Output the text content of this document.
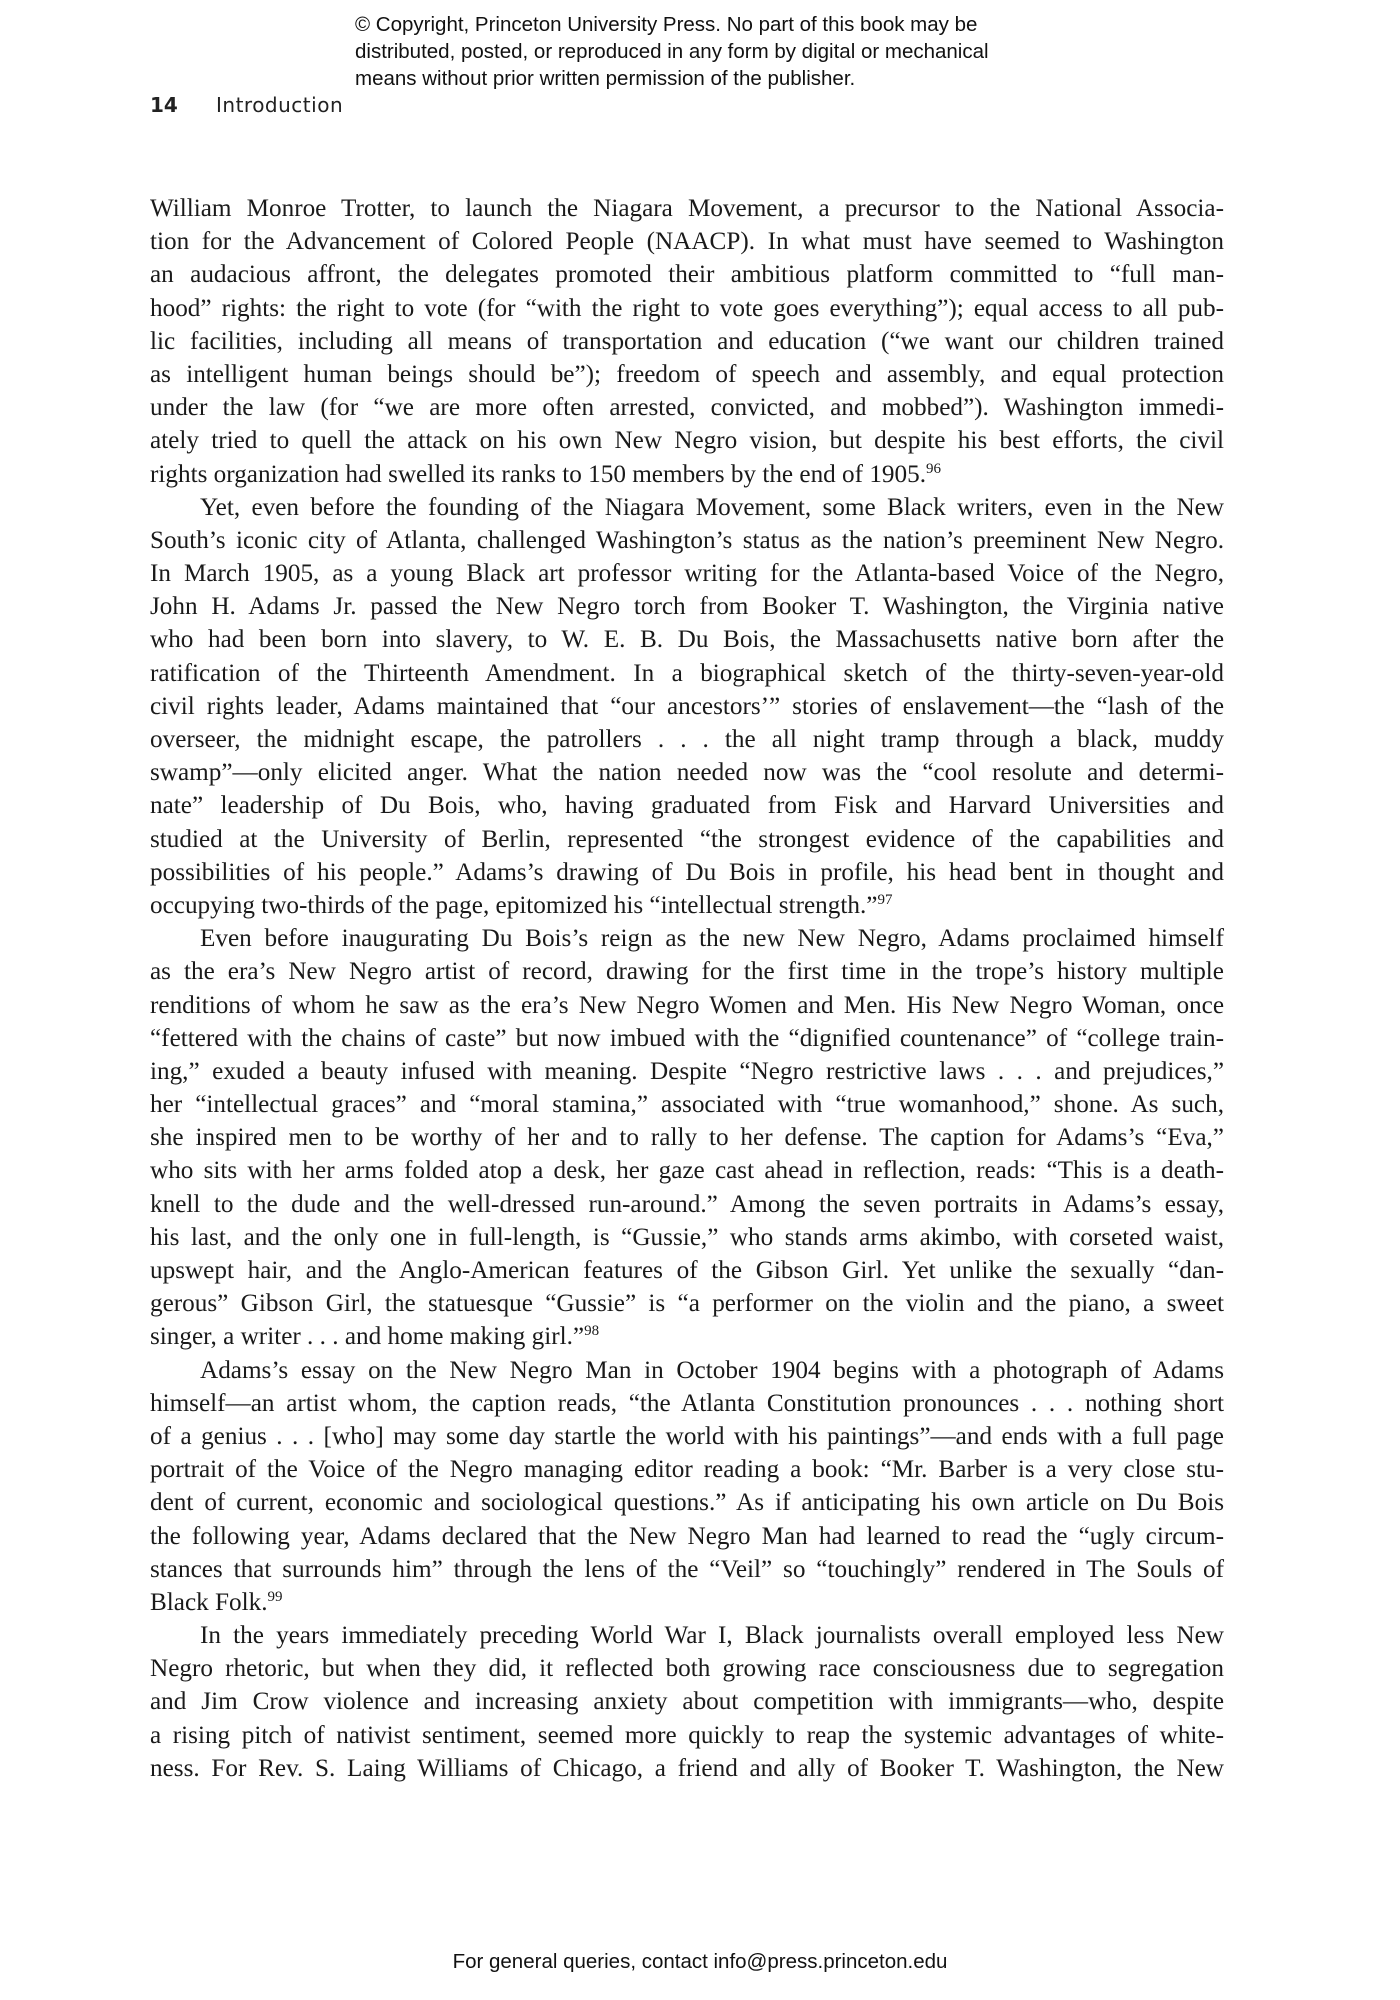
© Copyright, Princeton University Press. No part of this book may be
distributed, posted, or reproduced in any form by digital or mechanical
means without prior written permission of the publisher.
14 Introduction
William Monroe Trotter, to launch the Niagara Movement, a precursor to the National Associa-
tion for the Advancement of Colored People (NAACP). In what must have seemed to Washington
an audacious affront, the delegates promoted their ambitious platform committed to “full man-
hood” rights: the right to vote (for “with the right to vote goes everything”); equal access to all pub-
lic facilities, including all means of transportation and education (“we want our children trained
as intelligent human beings should be”); freedom of speech and assembly, and equal protection
under the law (for “we are more often arrested, convicted, and mobbed”). Washington immedi-
ately tried to quell the attack on his own New Negro vision, but despite his best efforts, the civil
rights organization had swelled its ranks to 150 members by the end of 1905.96
Yet, even before the founding of the Niagara Movement, some Black writers, even in the New
South’s iconic city of Atlanta, challenged Washington’s status as the nation’s preeminent New Negro.
In March 1905, as a young Black art professor writing for the Atlanta-based Voice of the Negro,
John H. Adams Jr. passed the New Negro torch from Booker T. Washington, the Virginia native
who had been born into slavery, to W. E. B. Du Bois, the Massachusetts native born after the
ratification of the Thirteenth Amendment. In a biographical sketch of the thirty-seven-year-old
civil rights leader, Adams maintained that “our ancestors’” stories of enslavement—the “lash of the
overseer, the midnight escape, the patrollers . . . the all night tramp through a black, muddy
swamp”—only elicited anger. What the nation needed now was the “cool resolute and determi-
nate” leadership of Du Bois, who, having graduated from Fisk and Harvard Universities and
studied at the University of Berlin, represented “the strongest evidence of the capabilities and
possibilities of his people.” Adams’s drawing of Du Bois in profile, his head bent in thought and
occupying two-thirds of the page, epitomized his “intellectual strength.”$^{97}$
Even before inaugurating Du Bois’s reign as the new New Negro, Adams proclaimed himself
as the era’s New Negro artist of record, drawing for the first time in the trope’s history multiple
renditions of whom he saw as the era’s New Negro Women and Men. His New Negro Woman, once
“fettered with the chains of caste” but now imbued with the “dignified countenance” of “college train-
ing,” exuded a beauty infused with meaning. Despite “Negro restrictive laws . . . and prejudices,”
her “intellectual graces” and “moral stamina,” associated with “true womanhood,” shone. As such,
she inspired men to be worthy of her and to rally to her defense. The caption for Adams’s “Eva,”
who sits with her arms folded atop a desk, her gaze cast ahead in reflection, reads: “This is a death-
knell to the dude and the well-dressed run-around.” Among the seven portraits in Adams’s essay,
his last, and the only one in full-length, is “Gussie,” who stands arms akimbo, with corseted waist,
upswept hair, and the Anglo-American features of the Gibson Girl. Yet unlike the sexually “dan-
gerous” Gibson Girl, the statuesque “Gussie” is “a performer on the violin and the piano, a sweet
singer, a writer . . . and home making girl.”$^{98}$
Adams’s essay on the New Negro Man in October 1904 begins with a photograph of Adams
himself—an artist whom, the caption reads, “the Atlanta Constitution pronounces . . . nothing short
of a genius . . . [who] may some day startle the world with his paintings”—and ends with a full page
portrait of the Voice of the Negro managing editor reading a book: “Mr. Barber is a very close stu-
dent of current, economic and sociological questions.” As if anticipating his own article on Du Bois
the following year, Adams declared that the New Negro Man had learned to read the “ugly circum-
stances that surrounds him” through the lens of the “Veil” so “touchingly” rendered in The Souls of
Black Folk.$^{99}$
In the years immediately preceding World War I, Black journalists overall employed less New
Negro rhetoric, but when they did, it reflected both growing race consciousness due to segregation
and Jim Crow violence and increasing anxiety about competition with immigrants—who, despite
a rising pitch of nativist sentiment, seemed more quickly to reap the systemic advantages of white-
ness. For Rev. S. Laing Williams of Chicago, a friend and ally of Booker T. Washington, the New
For general queries, contact info@press.princeton.edu
